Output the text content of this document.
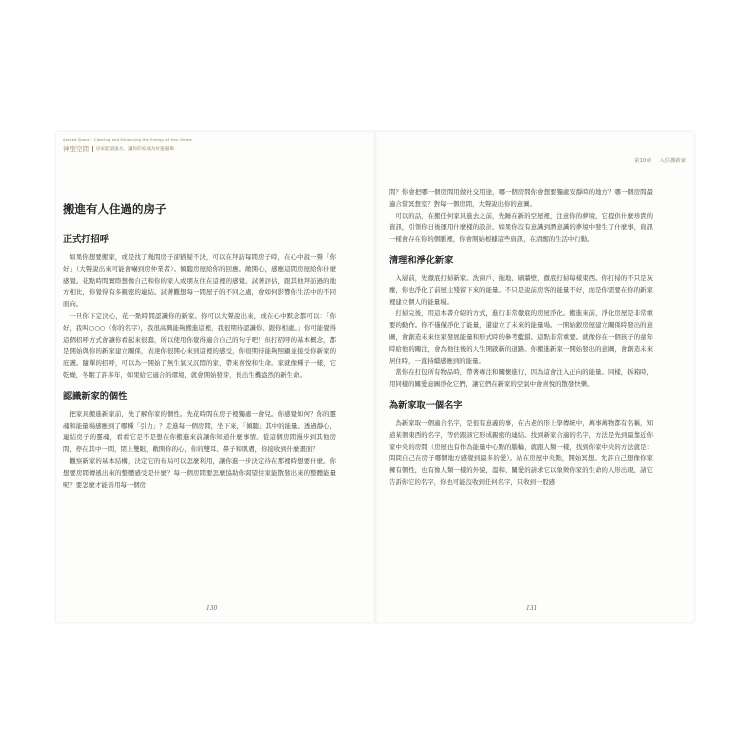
Sacred Space · Clearing and Enhancing the Energy of Your Home
神聖空間 居家能量風水，讓你的家成為好運磁場
搬進有人住過的房子
正式打招呼

如果你想要搬家，或是找了幾間房子卻猶疑不決，可以在拜訪每間房子時，在心中說一聲「你好」（大聲說出來可能會嚇到房仲業者）。傾聽房屋給你的回應。敞開心，感應這間房屋給你什麼感覺。花點時間實際想像自己和你的家人或朋友住在這裡的感覺。試著評估，跟其他拜訪過的地方相比，你覺得有多親密的連結。試著觀想每一間屋子的不同之處，會如何影響你生活中的不同面向。

一旦你下定決心，花一點時間認識你的新家。你可以大聲說出來，或在心中默念都可以：「你好，我叫○○○（你的名字），我很高興能夠搬進這裡，我很期待認識你、跟你相處。」你可能覺得這個招呼方式會讓你看起來很蠢，所以使用你覺得適合自己的句子吧！但打招呼的基本概念，都是開始與你的新家建立關係，表達你很開心來到這裡的感受，你很期待能夠照顧並接受你新家的庇護。隨單的招呼，可以為一開始了無生氣又沉悶的家，帶來喜悅和生命。家就像種子一樣，它乾燥，冬眠了許多年，如果給它適合的環境，就會開始發芽，長出生機盎然的新生命。

認識新家的個性

把家具搬進新家前，先了解你家的個性。先花時間在房子裡獨處一會兒。你感覺如何？你的靈魂和能量場感應到了哪種「引力」？走進每一個房間，坐下來，「傾聽」其中的能量。透過靜心，連結房子的靈魂，看看它是不是想在你搬進來前讓你知道什麼事情。從這個房間漫步到其他房間，停在其中一間，閉上雙眼，敞開你的心，你的雙耳、鼻子和肌膚，你接收到什麼畫面？

觀察新家的基本結構，決定它的布局可以怎麼利用，讓你進一步決定待在那裡時想要什麼。你想要房間傳遞出來的整體感受是什麼？每一個房間要怎麼協助你渴望住家能散發出來的整體能量呢？要怎麼才能善用每一個房

130
第10章 入住搬新家

間？你會把哪一個房間用做社交用途，哪一個房間你會想要獨處安靜時的地方？哪一個房間最適合當冥想室？對每一個房間，大聲說出你的意圖。

可以的話，在搬任何家具進去之前，先睡在新的空屋裡，注意你的夢境，它提供什麼珍貴的資訊，引領你日後運用什麼樣的設計。如果你沒有意識到潛意識的夢境中發生了什麼事，資訊一樣會存在你的個脈裡，你會開始根據這些資訊，在清醒的生活中行動。

清理和淨化新家

入層前，先徹底打掃新家。洗窗戶、拖地、刷牆壁，徹底打掃每樣東西。你打掃的不只是灰塵，你也淨化了前屋主殘留下來的能量。不只是說前房客的能量不好，而是你需要在你的新家裡建立個人的能量場。

打掃完後，用這本書介紹的方式，進行非常徹底的房屋淨化。搬進來前，淨化房屋是非常重要的動作。你不僅僅淨化了能量，還建立了未來的能量場。一開始銀房屋建立關係時發出的意圖，會創造未來住家發展能量和形式時的參考藍錯。這點非常重要。就像你在一個孩子的童年時給他的關注，會為他往後的人生開啟新的道路。你搬進新家一開始發出的意圖，會創造未來居住時，一直持續感應到的能量。

當你在打包所有物品時，帶著專注和關懷進行，因為這會注入正向的能量。同樣，拆箱時，用同樣的關愛意圖淨化它們，讓它們在新家的空氣中會喜悅的散發快樂。

為新家取一個名字

為新家取一個適合名字，是很有意義的事，在古老的形上學傳統中，萬事萬物都有名稱，知道某個東西的名字，等於跟該它形成親密的連結。找到新家合適的名字，方法是先到最靠近你家中央的房間（房屋也有作為能量中心點的腦輪，就跟人類一樣，找到你家中央的方法就是：問問自己在房子哪個地方感覺到最多的愛）。站在房屋中央點，開始冥想。允許自己想像你家擁有個性，也有像人類一樣的外貌，溫和、關愛的請求它以象徵你家的生命的人形出現，請它告訴你它的名字，你也可能沒收到任何名字，只收到一股感

131
